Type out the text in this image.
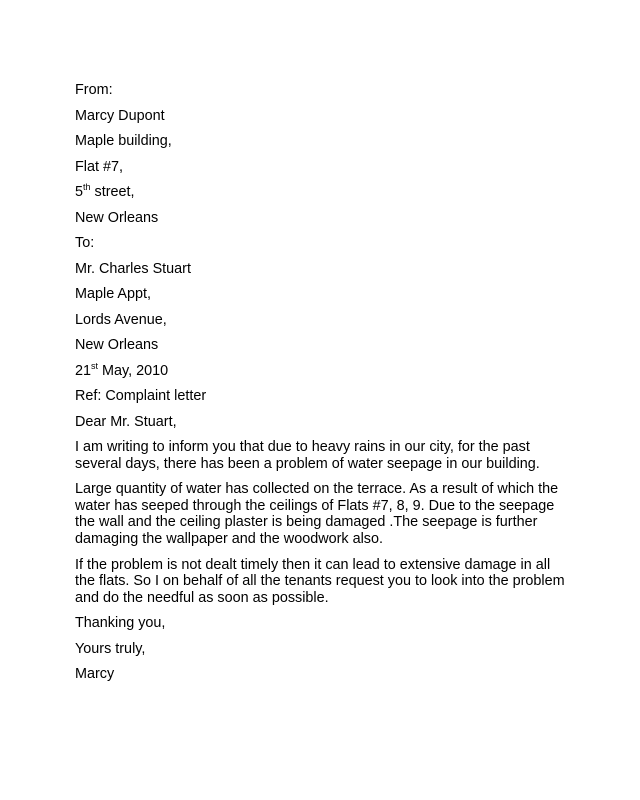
From:
Marcy Dupont
Maple building,
Flat #7,
5th street,
New Orleans
To:
Mr. Charles Stuart
Maple Appt,
Lords Avenue,
New Orleans
21st May, 2010
Ref: Complaint letter
Dear Mr. Stuart,

I am writing to inform you that due to heavy rains in our city, for the past several days, there has been a problem of water seepage in our building.

Large quantity of water has collected on the terrace. As a result of which the water has seeped through the ceilings of Flats #7, 8, 9. Due to the seepage the wall and the ceiling plaster is being damaged .The seepage is further damaging the wallpaper and the woodwork also.

If the problem is not dealt timely then it can lead to extensive damage in all the flats. So I on behalf of all the tenants request you to look into the problem and do the needful as soon as possible.

Thanking you,
Yours truly,
Marcy
